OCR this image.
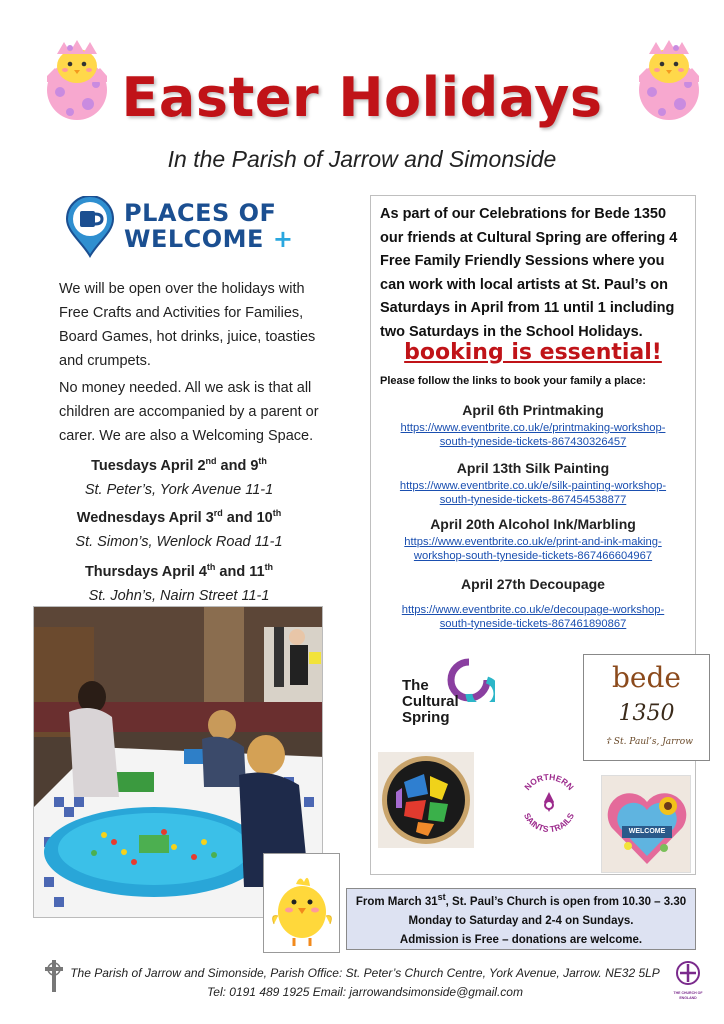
Easter Holidays
In the Parish of Jarrow and Simonside
PLACES OF
WELCOME +
We will be open over the holidays with Free Crafts and Activities for Families, Board Games, hot drinks, juice, toasties and crumpets.
No money needed. All we ask is that all children are accompanied by a parent or carer. We are also a Welcoming Space.
Tuesdays April 2nd and 9th
St. Peter’s, York Avenue 11-1
Wednesdays April 3rd and 10th
St. Simon’s, Wenlock Road 11-1
Thursdays April 4th and 11th
St. John’s, Nairn Street 11-1
As part of our Celebrations for Bede 1350 our friends at Cultural Spring are offering 4 Free Family Friendly Sessions where you can work with local artists at St. Paul’s on Saturdays in April from 11 until 1 including two Saturdays in the School Holidays.
booking is essential!
Please follow the links to book your family a place:
April 6th Printmaking
https://www.eventbrite.co.uk/e/printmaking-workshop-
south-tyneside-tickets-867430326457
April 13th Silk Painting
https://www.eventbrite.co.uk/e/silk-painting-workshop-
south-tyneside-tickets-867454538877
April 20th Alcohol Ink/Marbling
https://www.eventbrite.co.uk/e/print-and-ink-making-
workshop-south-tyneside-tickets-867466604967
April 27th Decoupage
https://www.eventbrite.co.uk/e/decoupage-workshop-
south-tyneside-tickets-867461890867
The
Cultural
Spring
bede
1350
☦ St. Paul’s, Jarrow
NORTHERN
SAINTS TRAILS
WELCOME
From March 31st, St. Paul’s Church is open from 10.30 – 3.30
Monday to Saturday and 2-4 on Sundays.
Admission is Free – donations are welcome.
The Parish of Jarrow and Simonside, Parish Office: St. Peter’s Church Centre, York Avenue, Jarrow. NE32 5LP
Tel: 0191 489 1925 Email: jarrowandsimonside@gmail.com	THE CHURCH OF ENGLAND
